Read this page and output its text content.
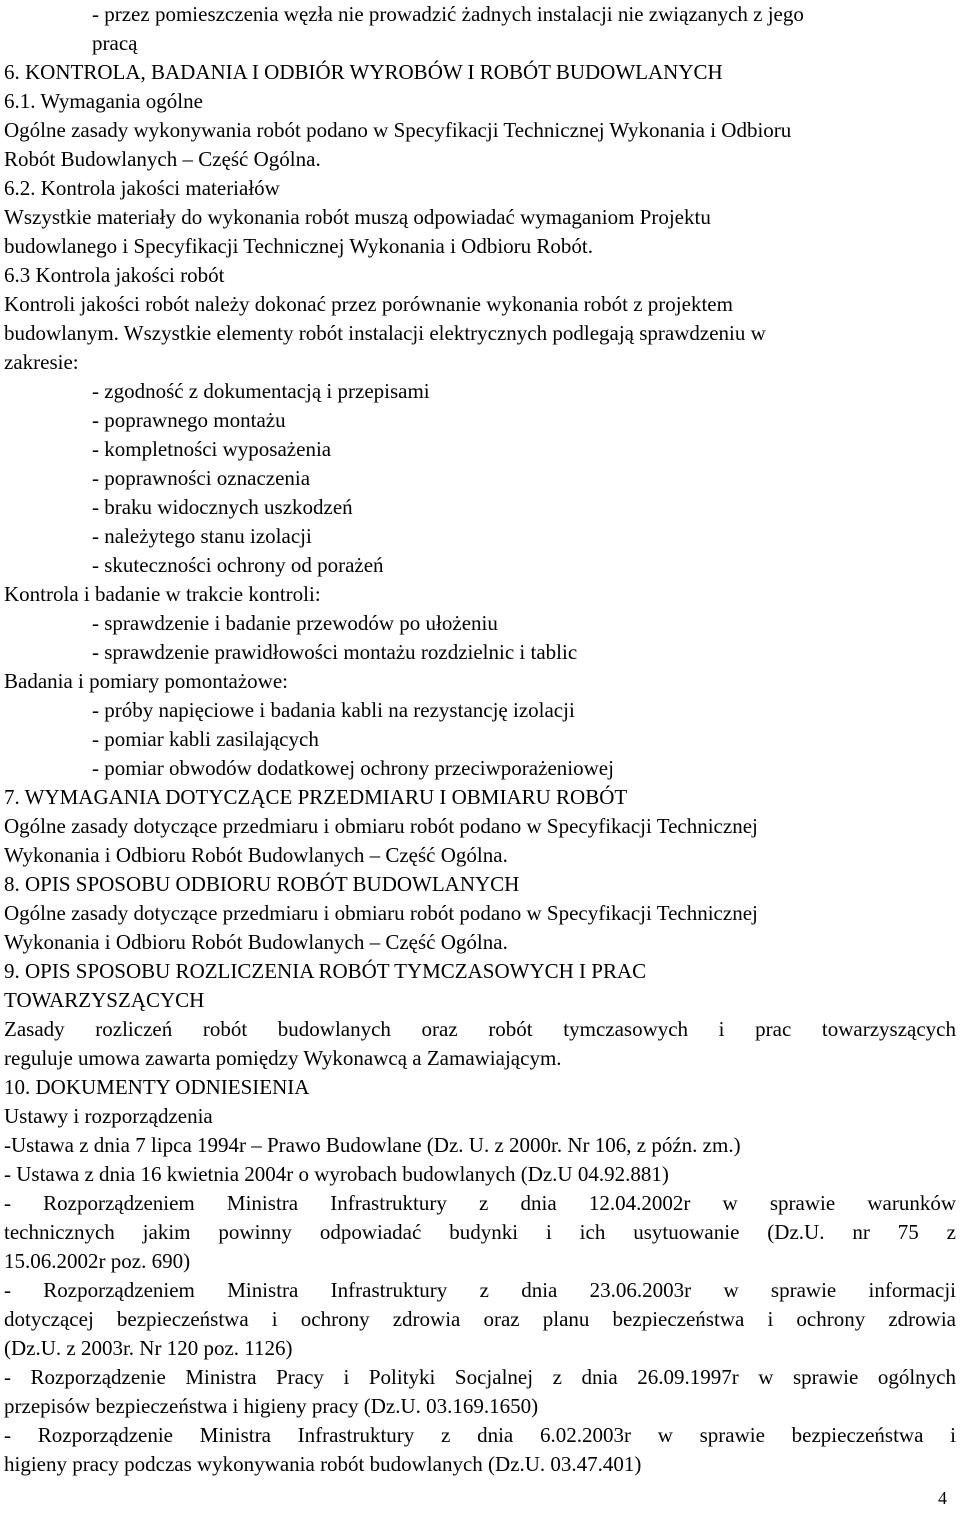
- przez pomieszczenia węzła nie prowadzić żadnych instalacji nie związanych z jego
pracą
6. KONTROLA, BADANIA I ODBIÓR WYROBÓW I ROBÓT BUDOWLANYCH
6.1. Wymagania ogólne
Ogólne zasady wykonywania robót podano w Specyfikacji Technicznej Wykonania i Odbioru
Robót Budowlanych – Część Ogólna.
6.2. Kontrola jakości materiałów
Wszystkie materiały do wykonania robót muszą odpowiadać wymaganiom Projektu
budowlanego i Specyfikacji Technicznej Wykonania i Odbioru Robót.
6.3 Kontrola jakości robót
Kontroli jakości robót należy dokonać przez porównanie wykonania robót z projektem
budowlanym. Wszystkie elementy robót instalacji elektrycznych podlegają sprawdzeniu w
zakresie:
- zgodność z dokumentacją i przepisami
- poprawnego montażu
- kompletności wyposażenia
- poprawności oznaczenia
- braku widocznych uszkodzeń
- należytego stanu izolacji
- skuteczności ochrony od porażeń
Kontrola i badanie w trakcie kontroli:
- sprawdzenie i badanie przewodów po ułożeniu
- sprawdzenie prawidłowości montażu rozdzielnic i tablic
Badania i pomiary pomontażowe:
- próby napięciowe i badania kabli na rezystancję izolacji
- pomiar kabli zasilających
- pomiar obwodów dodatkowej ochrony przeciwporażeniowej
7. WYMAGANIA DOTYCZĄCE PRZEDMIARU I OBMIARU ROBÓT
Ogólne zasady dotyczące przedmiaru i obmiaru robót podano w Specyfikacji Technicznej
Wykonania i Odbioru Robót Budowlanych – Część Ogólna.
8. OPIS SPOSOBU ODBIORU ROBÓT BUDOWLANYCH
Ogólne zasady dotyczące przedmiaru i obmiaru robót podano w Specyfikacji Technicznej
Wykonania i Odbioru Robót Budowlanych – Część Ogólna.
9. OPIS SPOSOBU ROZLICZENIA ROBÓT TYMCZASOWYCH I PRAC
TOWARZYSZĄCYCH
Zasady rozliczeń robót budowlanych oraz robót tymczasowych i prac towarzyszących
reguluje umowa zawarta pomiędzy Wykonawcą a Zamawiającym.
10. DOKUMENTY ODNIESIENIA
Ustawy i rozporządzenia
-Ustawa z dnia 7 lipca 1994r – Prawo Budowlane (Dz. U. z 2000r. Nr 106, z późn. zm.)
- Ustawa z dnia 16 kwietnia 2004r o wyrobach budowlanych (Dz.U 04.92.881)
- Rozporządzeniem Ministra Infrastruktury z dnia 12.04.2002r w sprawie warunków
technicznych jakim powinny odpowiadać budynki i ich usytuowanie (Dz.U. nr 75 z
15.06.2002r poz. 690)
- Rozporządzeniem Ministra Infrastruktury z dnia 23.06.2003r w sprawie informacji
dotyczącej bezpieczeństwa i ochrony zdrowia oraz planu bezpieczeństwa i ochrony zdrowia
(Dz.U. z 2003r. Nr 120 poz. 1126)
- Rozporządzenie Ministra Pracy i Polityki Socjalnej z dnia 26.09.1997r w sprawie ogólnych
przepisów bezpieczeństwa i higieny pracy (Dz.U. 03.169.1650)
- Rozporządzenie Ministra Infrastruktury z dnia 6.02.2003r w sprawie bezpieczeństwa i
higieny pracy podczas wykonywania robót budowlanych (Dz.U. 03.47.401)
4
